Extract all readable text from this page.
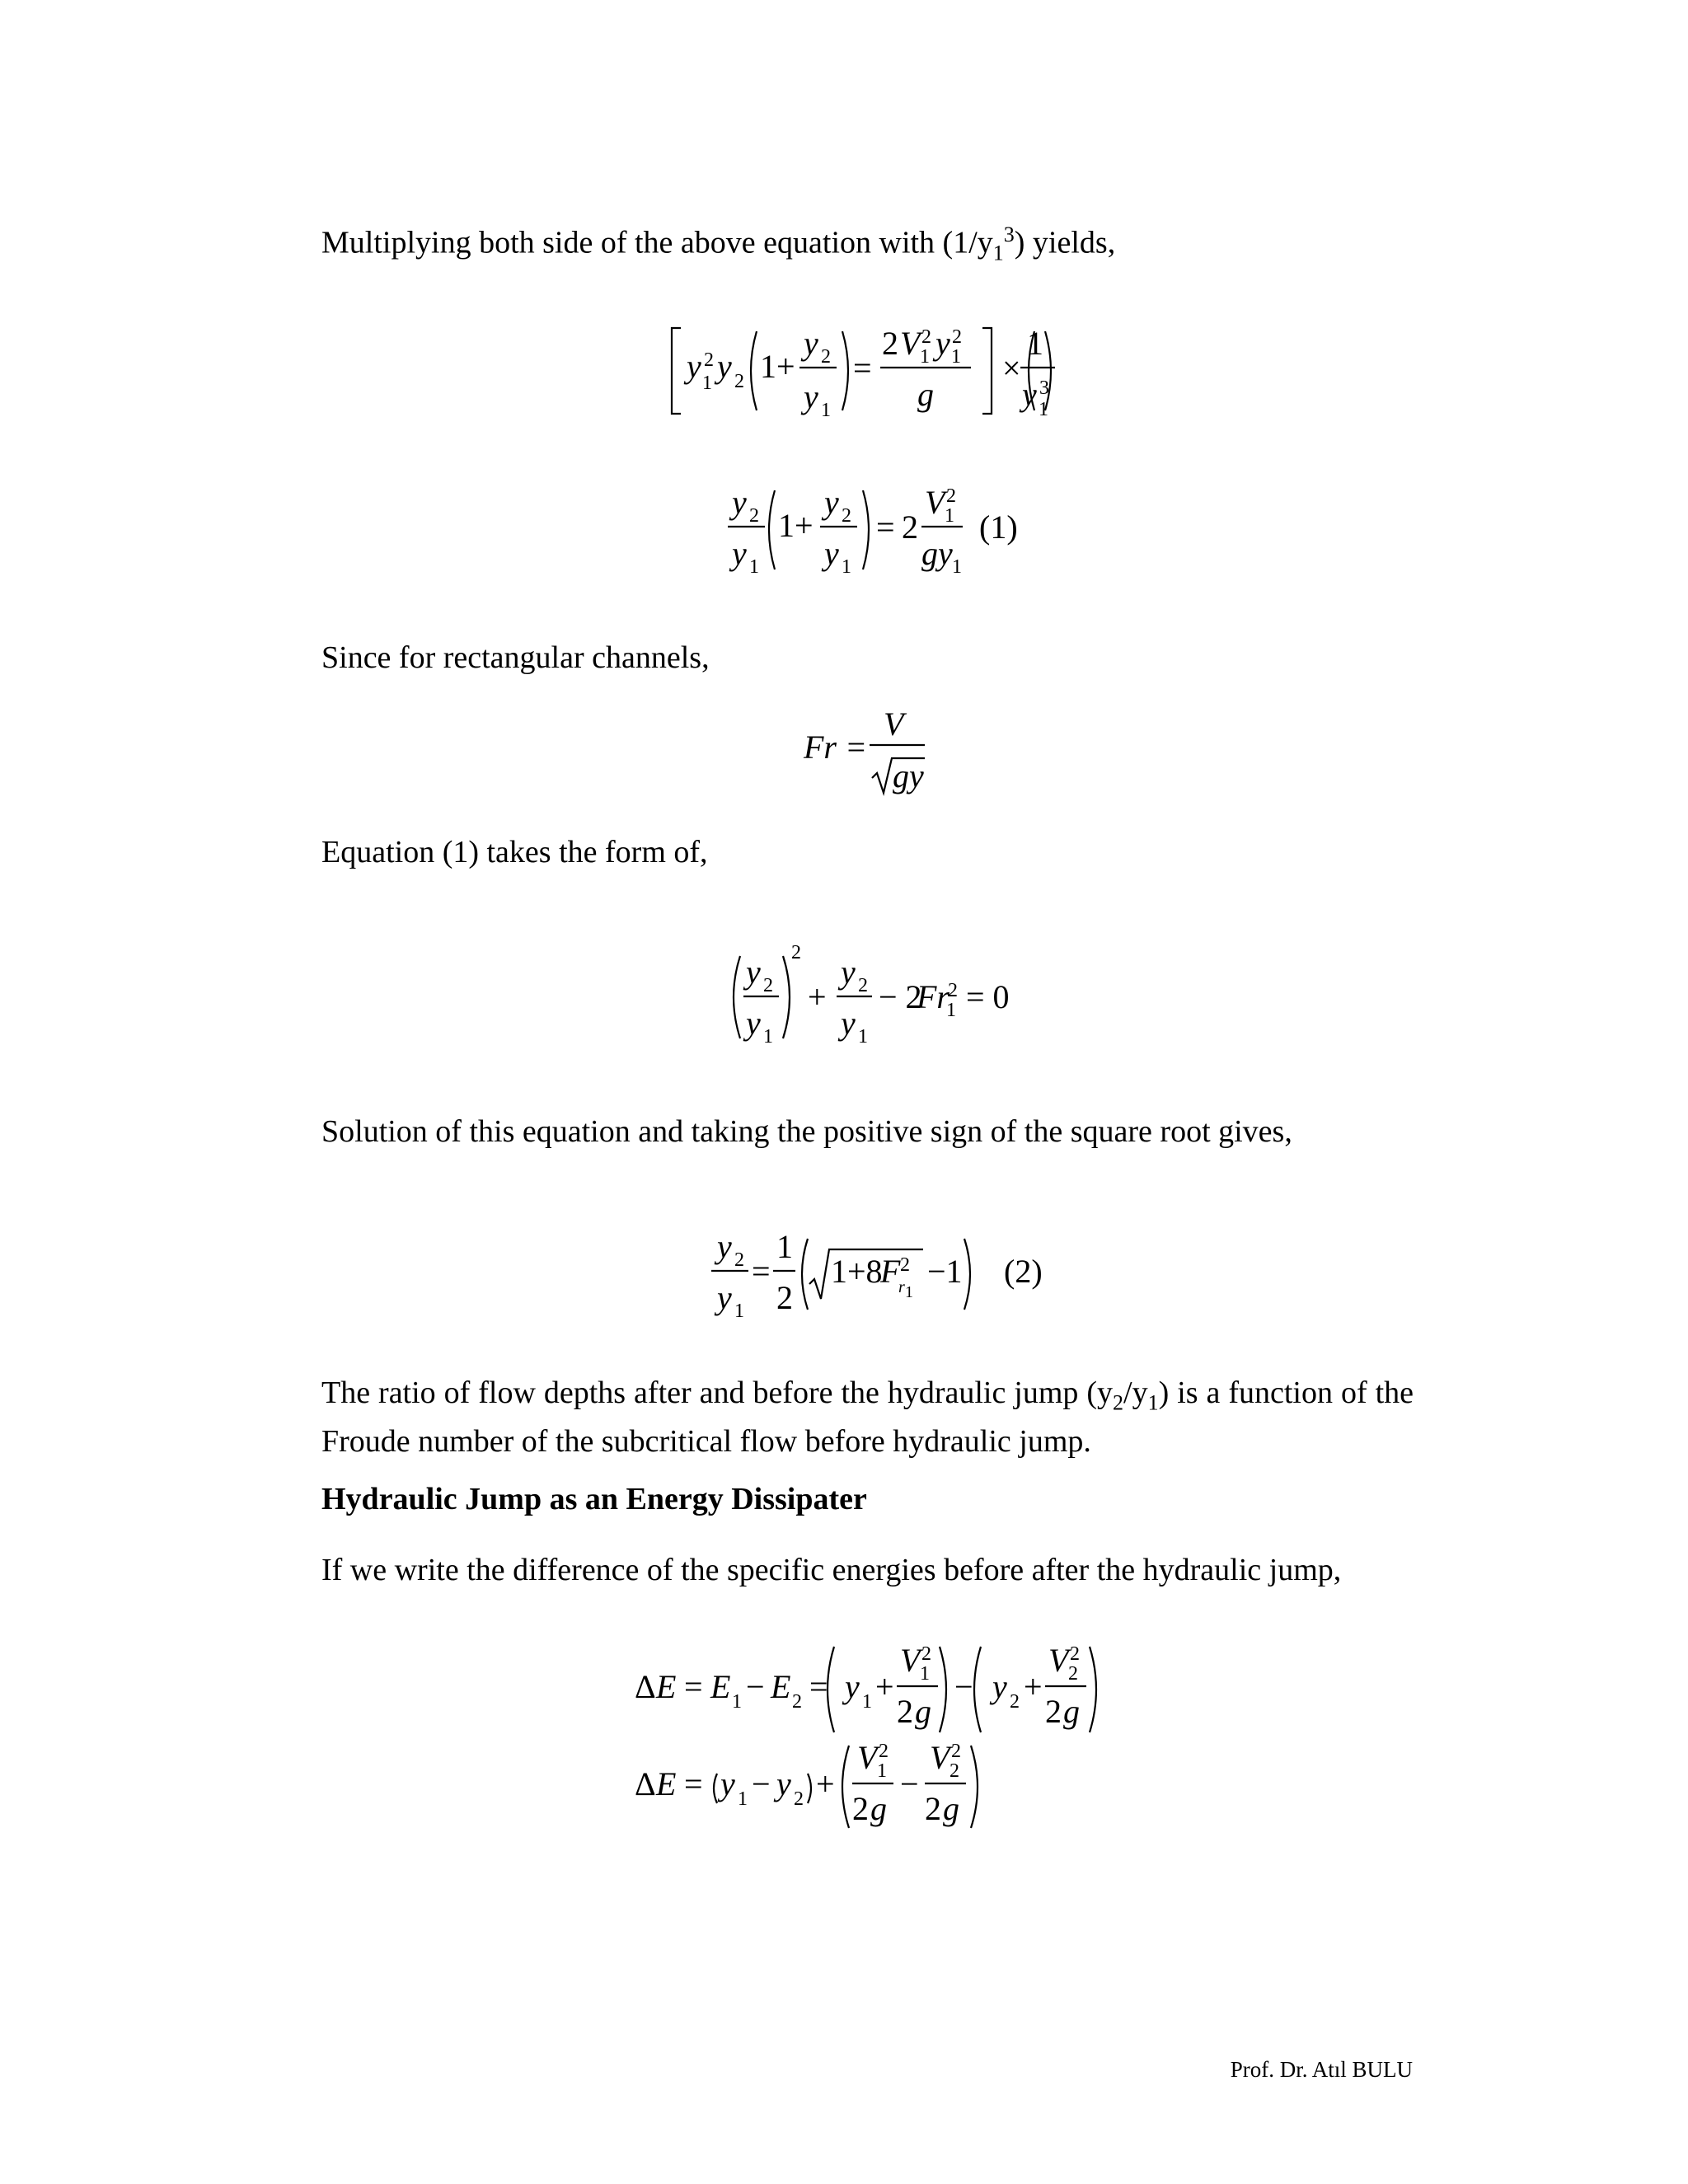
Multiplying both side of the above equation with $(1/y_1^3)$ yields,

y 2
1 y 2 1+
y 2
y 1
=
2 V 2
1 y 2
1
g
×
1
y 3
1
y 2
y 1
1+
y 2
y 1
= 2
V 2
1
gy 1
(1)

Since for rectangular channels,

Fr =
V
gy

Equation (1) takes the form of,

y 2
y 1
2
+
y 2
y 1
− 2
Fr
2
1 = 0

Solution of this equation and taking the positive sign of the square root gives,

y 2
y 1
=
1
2
1+8
F 2
r 1
−1 (2)

The ratio of flow depths after and before the hydraulic jump $(y_2/y_1)$ is a function of the Froude number of the subcritical flow before hydraulic jump.

Hydraulic Jump as an Energy Dissipater

If we write the difference of the specific energies before after the hydraulic jump,

Δ E = E 1 − E 2 = y 1 +
V 2
1
2 g
− y 2 +
V 2
2
2 g
Δ E = y 1 − y 2 +
V 2
1
2 g
−
V 2
2
2 g
Prof. Dr. Atıl BULU
